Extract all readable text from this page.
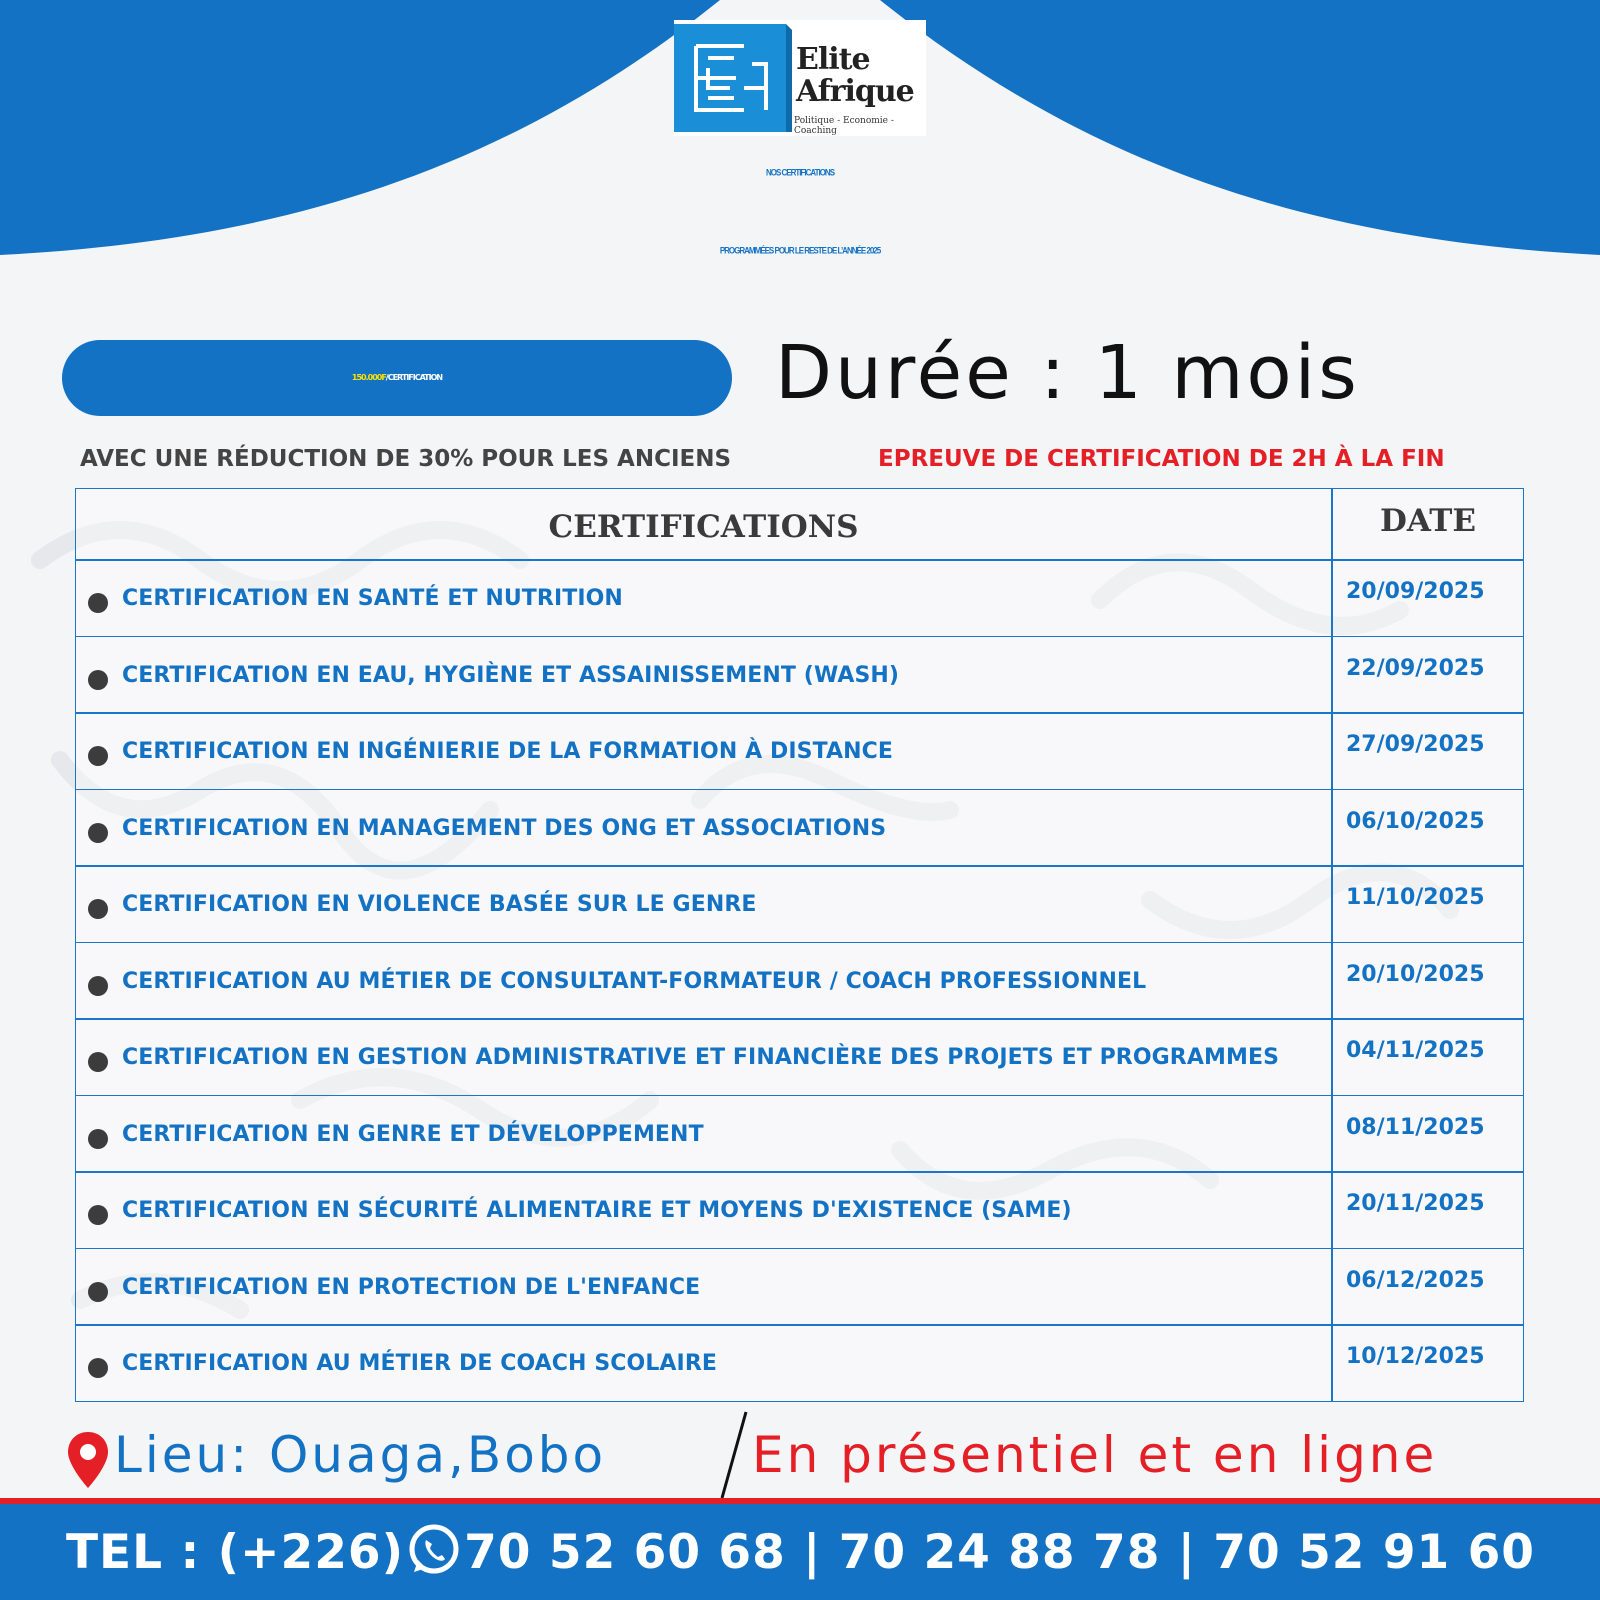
Elite
Afrique
Politique - Economie - Coaching
NOS CERTIFICATIONS
PROGRAMMÉES POUR LE RESTE DE L’ANNÉE 2025
150.000F/CERTIFICATION	Durée : 1 mois
AVEC UNE RÉDUCTION DE 30% POUR LES ANCIENS	EPREUVE DE CERTIFICATION DE 2H À LA FIN
CERTIFICATIONS	DATE
CERTIFICATION EN SANTÉ ET NUTRITION	20/09/2025
CERTIFICATION EN EAU, HYGIÈNE ET ASSAINISSEMENT (WASH)	22/09/2025
CERTIFICATION EN INGÉNIERIE DE LA FORMATION À DISTANCE	27/09/2025
CERTIFICATION EN MANAGEMENT DES ONG ET ASSOCIATIONS	06/10/2025
CERTIFICATION EN VIOLENCE BASÉE SUR LE GENRE	11/10/2025
CERTIFICATION AU MÉTIER DE CONSULTANT-FORMATEUR / COACH PROFESSIONNEL	20/10/2025
CERTIFICATION EN GESTION ADMINISTRATIVE ET FINANCIÈRE DES PROJETS ET PROGRAMMES	04/11/2025
CERTIFICATION EN GENRE ET DÉVELOPPEMENT	08/11/2025
CERTIFICATION EN SÉCURITÉ ALIMENTAIRE ET MOYENS D'EXISTENCE (SAME)	20/11/2025
CERTIFICATION EN PROTECTION DE L'ENFANCE	06/12/2025
CERTIFICATION AU MÉTIER DE COACH SCOLAIRE	10/12/2025
Lieu: Ouaga,Bobo	En présentiel et en ligne
TEL : (+226) 70 52 60 68 | 70 24 88 78 | 70 52 91 60
